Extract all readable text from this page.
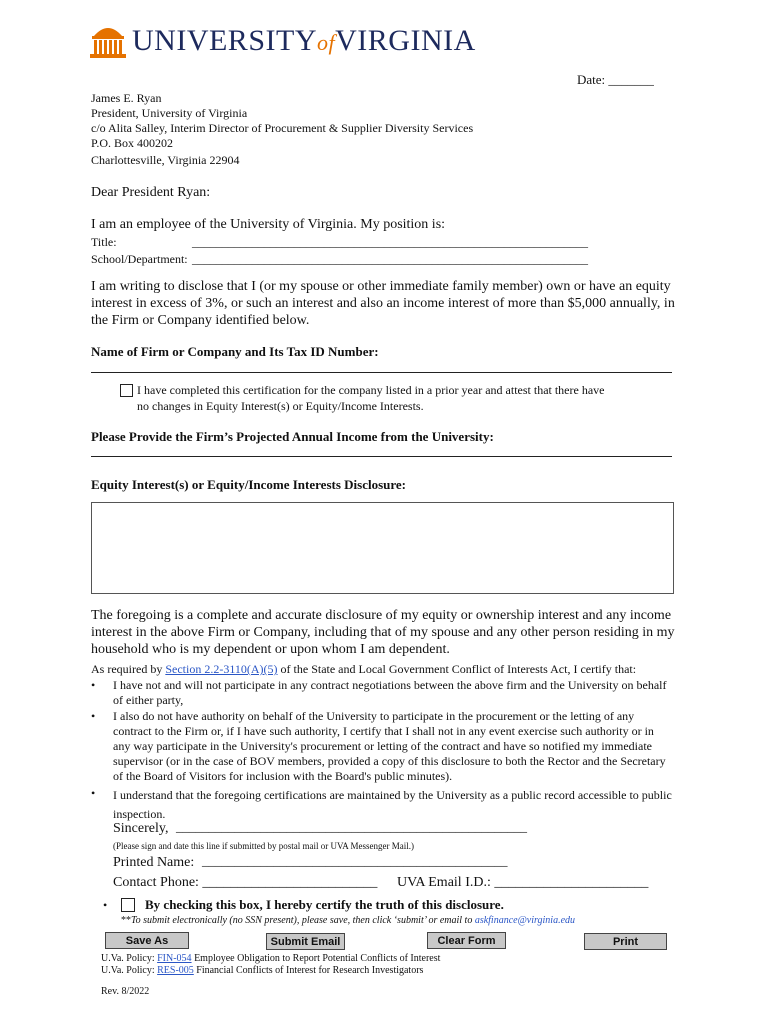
UNIVERSITYofVIRGINIA
Date: _______
James E. Ryan
President, University of Virginia
c/o Alita Salley, Interim Director of Procurement & Supplier Diversity Services
P.O. Box 400202
Charlottesville, Virginia 22904
Dear President Ryan:
I am an employee of the University of Virginia. My position is:
Title:	__________________________________________________________________
School/Department: __________________________________________________________________
I am writing to disclose that I (or my spouse or other immediate family member) own or have an equity interest in excess of 3%, or such an interest and also an income interest of more than $5,000 annually, in the Firm or Company identified below.
Name of Firm or Company and Its Tax ID Number:
I have completed this certification for the company listed in a prior year and attest that there have
no changes in Equity Interest(s) or Equity/Income Interests.
Please Provide the Firm’s Projected Annual Income from the University:
Equity Interest(s) or Equity/Income Interests Disclosure:
The foregoing is a complete and accurate disclosure of my equity or ownership interest and any income interest in the above Firm or Company, including that of my spouse and any other person residing in my household who is my dependent or upon whom I am dependent.
As required by Section 2.2-3110(A)(5) of the State and Local Government Conflict of Interests Act, I certify that:
• I have not and will not participate in any contract negotiations between the above firm and the University on behalf of either party,
• I also do not have authority on behalf of the University to participate in the procurement or the letting of any contract to the Firm or, if I have such authority, I certify that I shall not in any event exercise such authority or in any way participate in the University's procurement or letting of the contract and have so notified my immediate supervisor (or in the case of BOV members, provided a copy of this disclosure to both the Rector and the Secretary of the Board of Visitors for inclusion with the Board's public minutes).
• I understand that the foregoing certifications are maintained by the University as a public record accessible to public inspection.
Sincerely, ______________________________________________________
(Please sign and date this line if submitted by postal mail or UVA Messenger Mail.)
Printed Name: _______________________________________________
Contact Phone: _________________________ UVA Email I.D.: ______________________
•	By checking this box, I hereby certify the truth of this disclosure.
**To submit electronically (no SSN present), please save, then click ‘submit’ or email to askfinance@virginia.edu
Save As	Submit Email	Clear Form	Print
U.Va. Policy: FIN-054 Employee Obligation to Report Potential Conflicts of Interest
U.Va. Policy: RES-005 Financial Conflicts of Interest for Research Investigators
Rev. 8/2022
